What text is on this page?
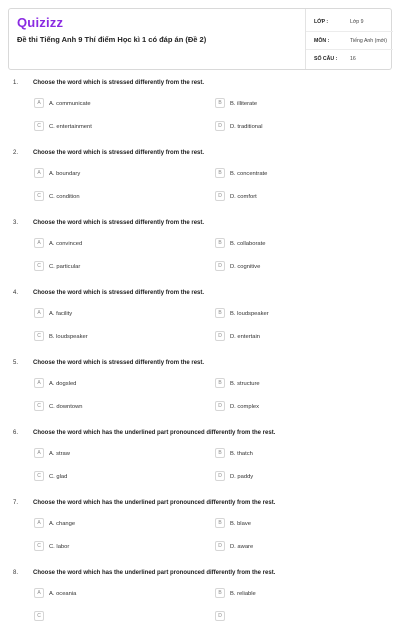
Quizizz
Đề thi Tiếng Anh 9 Thí điểm Học kì 1 có đáp án (Đề 2)
LỚP :	Lớp 9
MÔN :	Tiếng Anh (mới)
SỐ CÂU : 16
1. Choose the word which is stressed differently from the rest.
A	A. communicate	B	B. illiterate
C	C. entertainment	D	D. traditional
2. Choose the word which is stressed differently from the rest.
A	A. boundary	B	B. concentrate
C	C. condition	D	D. comfort
3. Choose the word which is stressed differently from the rest.
A	A. convinced	B	B. collaborate
C	C. particular	D	D. cognitive
4. Choose the word which is stressed differently from the rest.
A	A. facility	B	B. loudspeaker
C	B. loudspeaker	D	D. entertain
5. Choose the word which is stressed differently from the rest.
A	A. dogsled	B	B. structure
C	C. downtown	D	D. complex
6. Choose the word which has the underlined part pronounced differently from the rest.
A	A. straw	B	B. thatch
C	C. glad	D	D. paddy
7. Choose the word which has the underlined part pronounced differently from the rest.
A	A. change	B	B. blave
C	C. labor	D	D. aware
8. Choose the word which has the underlined part pronounced differently from the rest.
A	A. oceania	B	B. reliable
C	D
